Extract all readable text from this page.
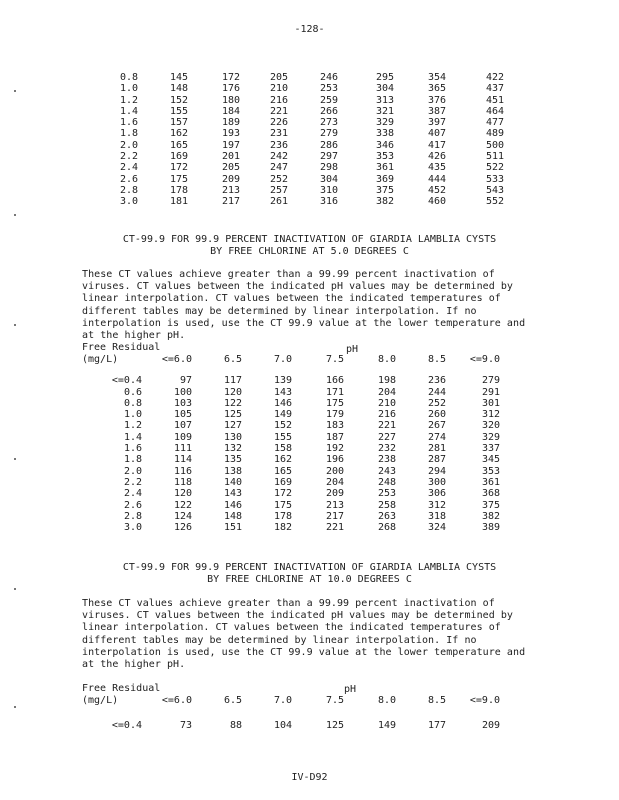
-128-
0.8	145	172	205	246	295	354	422
1.0	148	176	210	253	304	365	437
1.2	152	180	216	259	313	376	451
1.4	155	184	221	266	321	387	464
1.6	157	189	226	273	329	397	477
1.8	162	193	231	279	338	407	489
2.0	165	197	236	286	346	417	500
2.2	169	201	242	297	353	426	511
2.4	172	205	247	298	361	435	522
2.6	175	209	252	304	369	444	533
2.8	178	213	257	310	375	452	543
3.0	181	217	261	316	382	460	552
CT-99.9 FOR 99.9 PERCENT INACTIVATION OF GIARDIA LAMBLIA CYSTS
BY FREE CHLORINE AT 5.0 DEGREES C
These CT values achieve greater than a 99.99 percent inactivation of viruses. CT values between the indicated pH values may be determined by linear interpolation. CT values between the indicated temperatures of different tables may be determined by linear interpolation. If no interpolation is used, use the CT 99.9 value at the lower temperature and at the higher pH.
Free Residual
(mg/L)
pH
	<=6.0	6.5	7.0	7.5	8.0	8.5	<=9.0

<=0.4	97	117	139	166	198	236	279
0.6	100	120	143	171	204	244	291
0.8	103	122	146	175	210	252	301
1.0	105	125	149	179	216	260	312
1.2	107	127	152	183	221	267	320
1.4	109	130	155	187	227	274	329
1.6	111	132	158	192	232	281	337
1.8	114	135	162	196	238	287	345
2.0	116	138	165	200	243	294	353
2.2	118	140	169	204	248	300	361
2.4	120	143	172	209	253	306	368
2.6	122	146	175	213	258	312	375
2.8	124	148	178	217	263	318	382
3.0	126	151	182	221	268	324	389
CT-99.9 FOR 99.9 PERCENT INACTIVATION OF GIARDIA LAMBLIA CYSTS
BY FREE CHLORINE AT 10.0 DEGREES C
These CT values achieve greater than a 99.99 percent inactivation of viruses. CT values between the indicated pH values may be determined by linear interpolation. CT values between the indicated temperatures of different tables may be determined by linear interpolation. If no interpolation is used, use the CT 99.9 value at the lower temperature and at the higher pH.
Free Residual
(mg/L)
pH
	<=6.0	6.5	7.0	7.5	8.0	8.5	<=9.0

<=0.4	73	88	104	125	149	177	209
IV-D92
